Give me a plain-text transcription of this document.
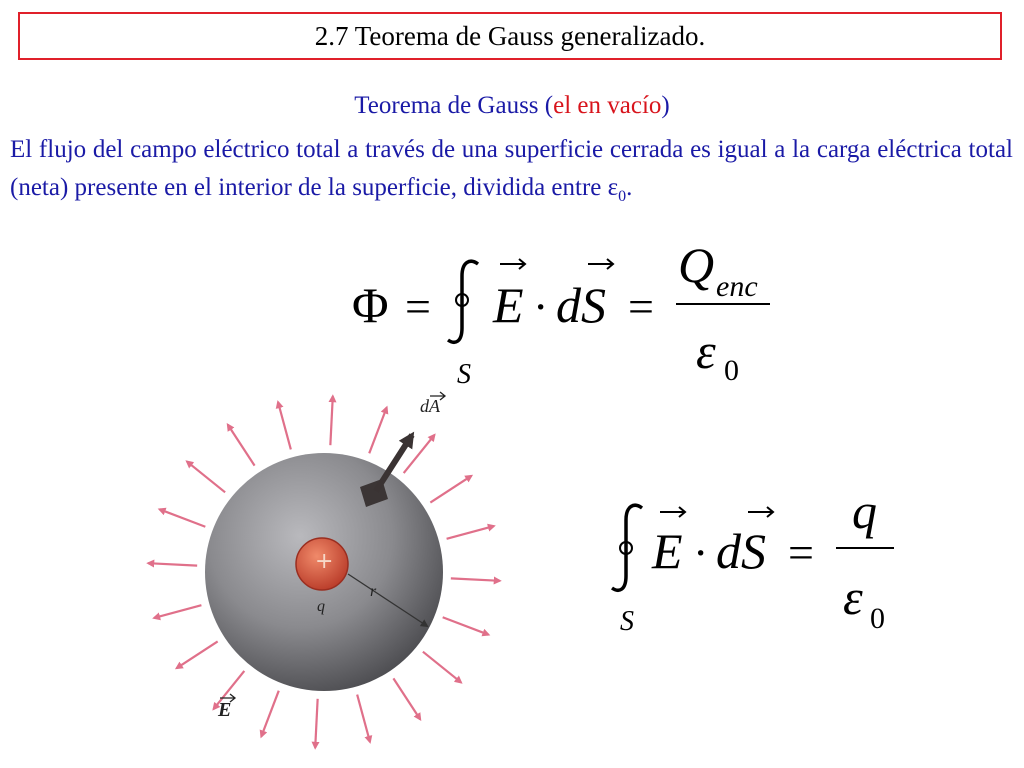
2.7 Teorema de Gauss generalizado.
Teorema de Gauss (el en vacío)
El flujo del campo eléctrico total a través de una superficie cerrada es igual a la carga eléctrica total (neta) presente en el interior de la superficie, dividida entre $\varepsilon_0$.
Φ =
S
E · dS =
Q enc
ε 0
S
E · dS =
q
ε 0
+
q
r
dA
E
